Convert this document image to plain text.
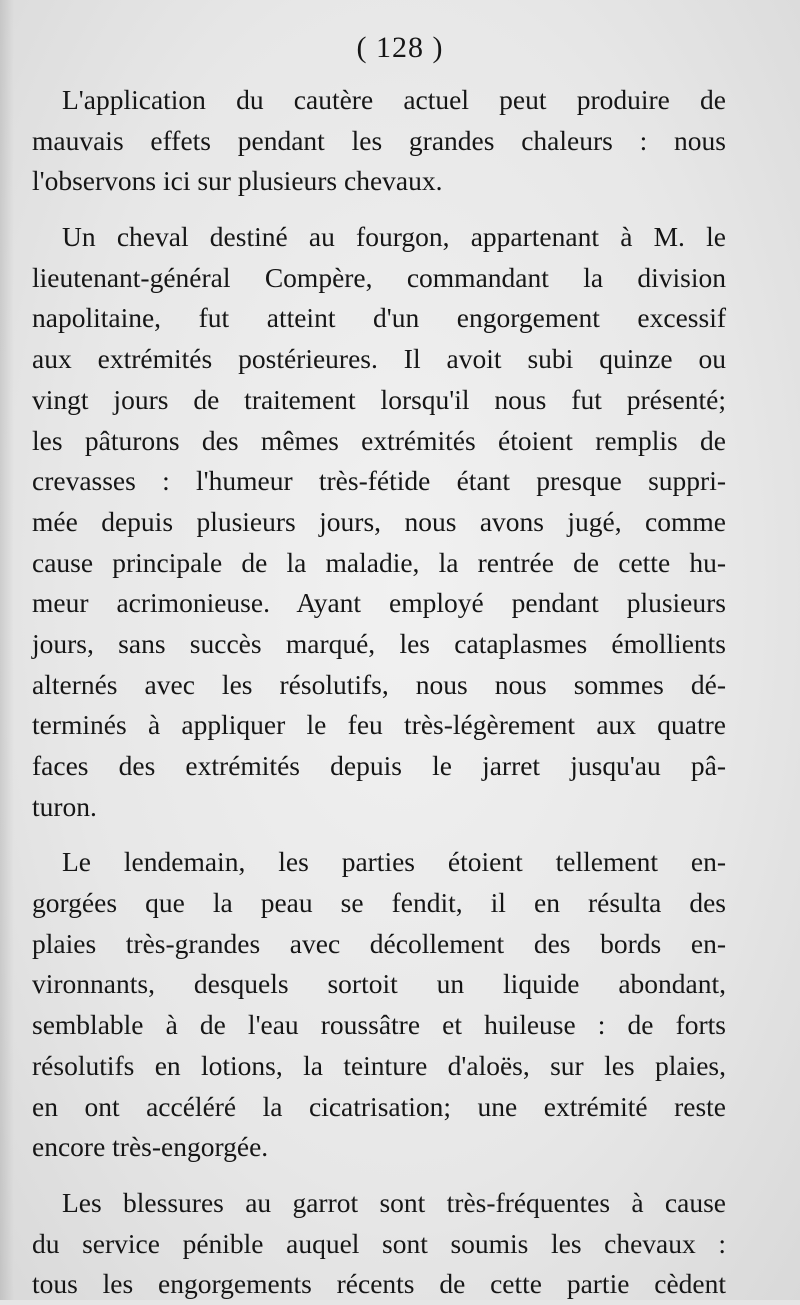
( 128 )

L'application du cautère actuel peut produire de
mauvais effets pendant les grandes chaleurs : nous
l'observons ici sur plusieurs chevaux.

Un cheval destiné au fourgon, appartenant à M. le
lieutenant-général Compère, commandant la division
napolitaine, fut atteint d'un engorgement excessif
aux extrémités postérieures. Il avoit subi quinze ou
vingt jours de traitement lorsqu'il nous fut présenté;
les pâturons des mêmes extrémités étoient remplis de
crevasses : l'humeur très-fétide étant presque suppri-
mée depuis plusieurs jours, nous avons jugé, comme
cause principale de la maladie, la rentrée de cette hu-
meur acrimonieuse. Ayant employé pendant plusieurs
jours, sans succès marqué, les cataplasmes émollients
alternés avec les résolutifs, nous nous sommes dé-
terminés à appliquer le feu très-légèrement aux quatre
faces des extrémités depuis le jarret jusqu'au pâ-
turon.

Le lendemain, les parties étoient tellement en-
gorgées que la peau se fendit, il en résulta des
plaies très-grandes avec décollement des bords en-
vironnants, desquels sortoit un liquide abondant,
semblable à de l'eau roussâtre et huileuse : de forts
résolutifs en lotions, la teinture d'aloës, sur les plaies,
en ont accéléré la cicatrisation; une extrémité reste
encore très-engorgée.

Les blessures au garrot sont très-fréquentes à cause
du service pénible auquel sont soumis les chevaux :
tous les engorgements récents de cette partie cèdent
